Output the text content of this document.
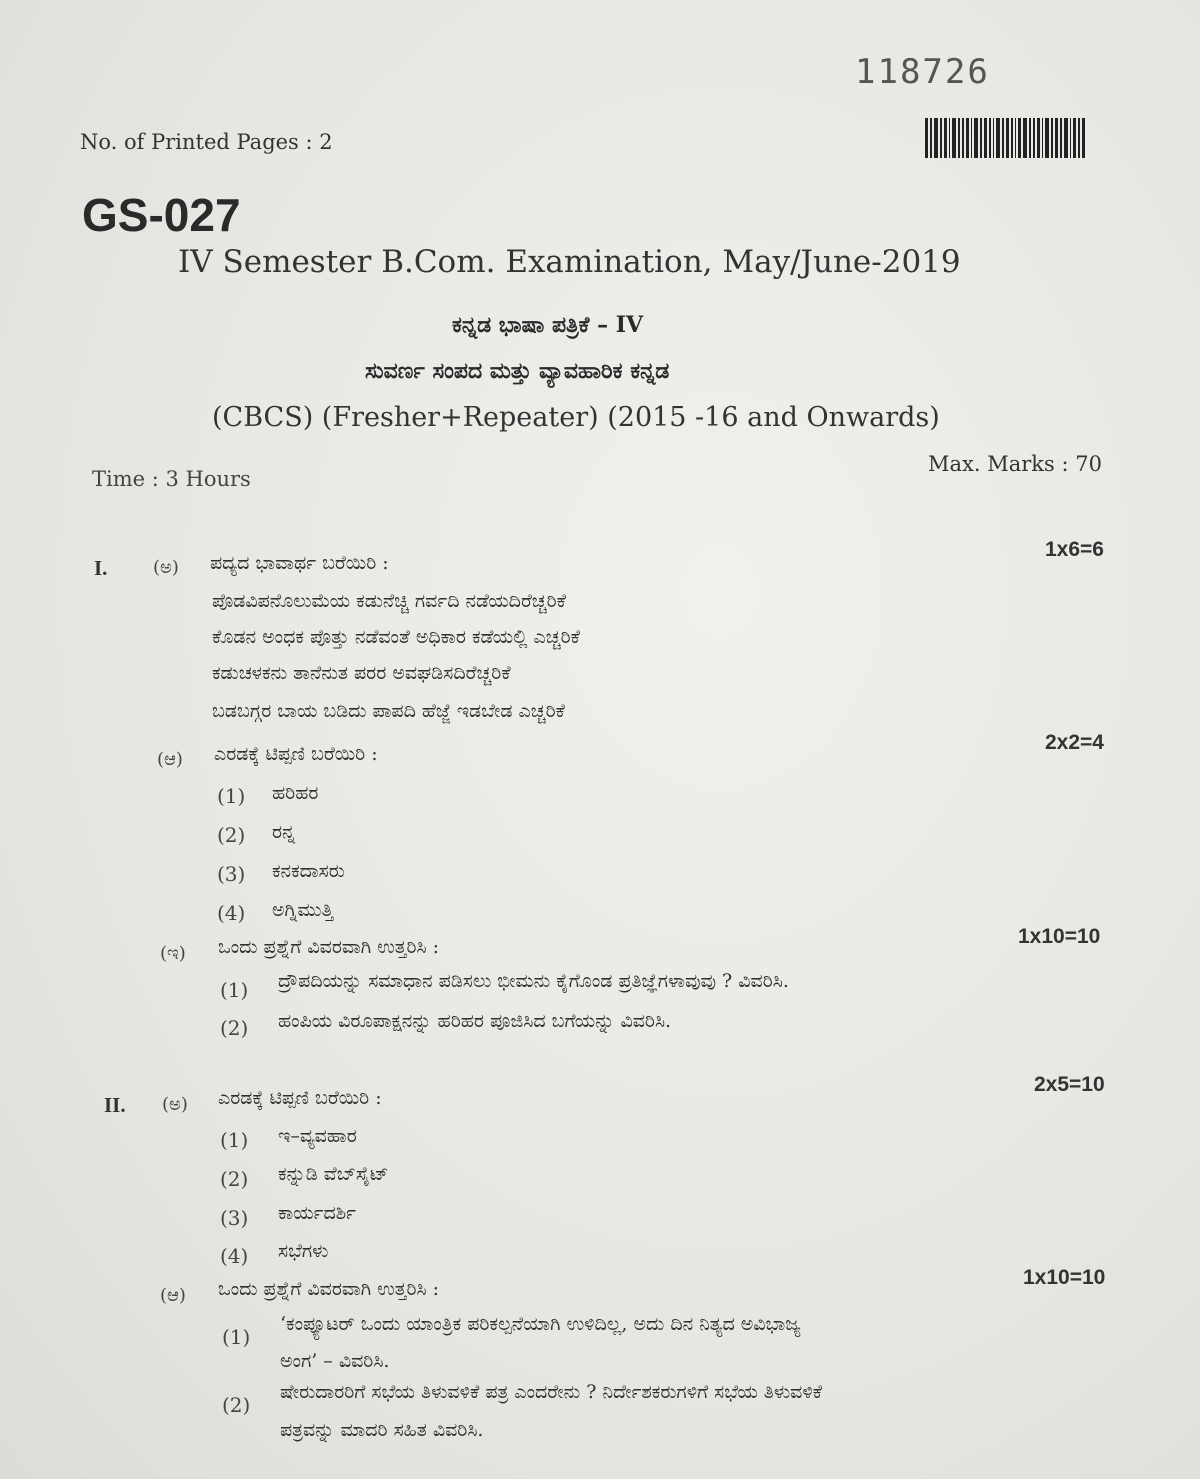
118726
No. of Printed Pages : 2
GS-027
IV Semester B.Com. Examination, May/June-2019
ಕನ್ನಡ ಭಾಷಾ ಪತ್ರಿಕೆ – IV
ಸುವರ್ಣ ಸಂಪದ ಮತ್ತು ವ್ಯಾವಹಾರಿಕ ಕನ್ನಡ
(CBCS) (Fresher+Repeater) (2015 -16 and Onwards)
Time : 3 Hours
Max. Marks : 70
I.	(ಅ) ಪದ್ಯದ ಭಾವಾರ್ಥ ಬರೆಯಿರಿ :
1x6=6
ಪೊಡವಿಪನೊಲುಮೆಯ ಕಡುನೆಚ್ಚಿ ಗರ್ವದಿ ನಡೆಯದಿರೆಚ್ಚರಿಕೆ
ಕೊಡನ ಅಂಧಕ ಪೊತ್ತು ನಡೆವಂತೆ ಅಧಿಕಾರ ಕಡೆಯಲ್ಲಿ ಎಚ್ಚರಿಕೆ
ಕಡುಚಳಕನು ತಾನೆನುತ ಪರರ ಅವಘಡಿಸದಿರೆಚ್ಚರಿಕೆ
ಬಡಬಗ್ಗರ ಬಾಯ ಬಡಿದು ಪಾಪದಿ ಹೆಜ್ಜೆ ಇಡಬೇಡ ಎಚ್ಚರಿಕೆ
(ಆ) ಎರಡಕ್ಕೆ ಟಿಪ್ಪಣಿ ಬರೆಯಿರಿ :	2x2=4
(1) ಹರಿಹರ
(2) ರನ್ನ
(3) ಕನಕದಾಸರು
(4) ಅಗ್ನಿಮುತ್ತಿ
(ಇ) ಒಂದು ಪ್ರಶ್ನೆಗೆ ವಿವರವಾಗಿ ಉತ್ತರಿಸಿ :	1x10=10
(1) ದ್ರೌಪದಿಯನ್ನು ಸಮಾಧಾನ ಪಡಿಸಲು ಭೀಮನು ಕೈಗೊಂಡ ಪ್ರತಿಜ್ಞೆಗಳಾವುವು ? ವಿವರಿಸಿ.
(2) ಹಂಪಿಯ ವಿರೂಪಾಕ್ಷನನ್ನು ಹರಿಹರ ಪೂಜಿಸಿದ ಬಗೆಯನ್ನು ವಿವರಿಸಿ.
II. (ಅ) ಎರಡಕ್ಕೆ ಟಿಪ್ಪಣಿ ಬರೆಯಿರಿ :
2x5=10
(1) ಇ–ವ್ಯವಹಾರ
(2) ಕನ್ನುಡಿ ವೆಬ್‌ಸೈಟ್
(3) ಕಾರ್ಯದರ್ಶಿ
(4) ಸಭೆಗಳು
(ಆ) ಒಂದು ಪ್ರಶ್ನೆಗೆ ವಿವರವಾಗಿ ಉತ್ತರಿಸಿ :	1x10=10
(1)
‘ಕಂಪ್ಯೂಟರ್ ಒಂದು ಯಾಂತ್ರಿಕ ಪರಿಕಲ್ಪನೆಯಾಗಿ ಉಳಿದಿಲ್ಲ, ಅದು ದಿನ ನಿತ್ಯದ ಅವಿಭಾಜ್ಯ
ಅಂಗ’ – ವಿವರಿಸಿ.
(2)
ಷೇರುದಾರರಿಗೆ ಸಭೆಯ ತಿಳುವಳಿಕೆ ಪತ್ರ ಎಂದರೇನು ? ನಿರ್ದೇಶಕರುಗಳಿಗೆ ಸಭೆಯ ತಿಳುವಳಿಕೆ
ಪತ್ರವನ್ನು ಮಾದರಿ ಸಹಿತ ವಿವರಿಸಿ.
